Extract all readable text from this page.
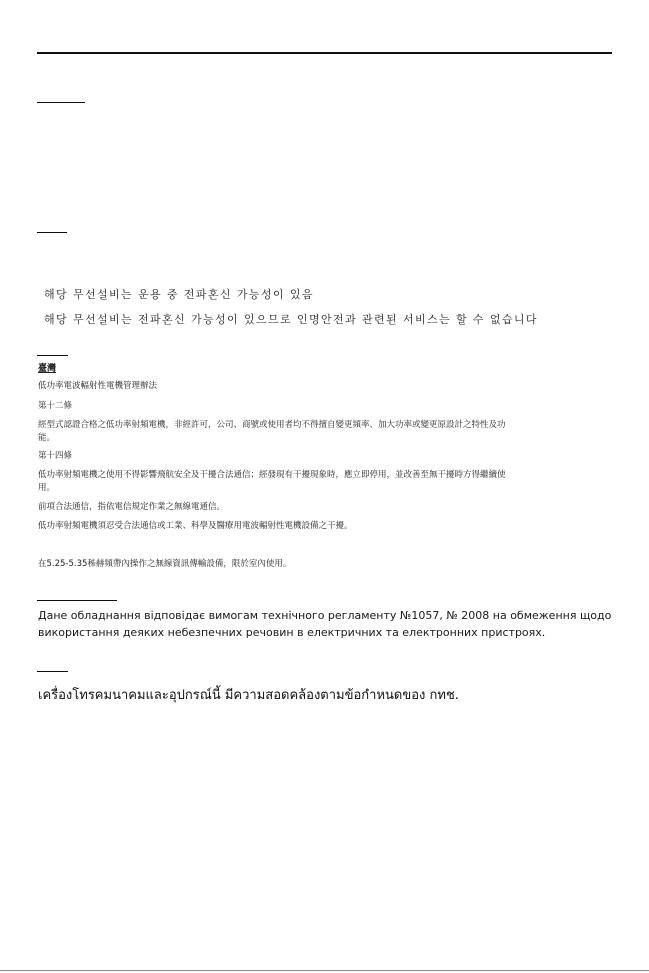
해당 무선설비는 운용 중 전파혼신 가능성이 있음
해당 무선설비는 전파혼신 가능성이 있으므로 인명안전과 관련된 서비스는 할 수 없습니다
臺灣
低功率電波輻射性電機管理辦法
第十二條
經型式認證合格之低功率射頻電機，非經許可，公司、商號或使用者均不得擅自變更頻率、加大功率或變更原設計之特性及功
能。
第十四條
低功率射頻電機之使用不得影響飛航安全及干擾合法通信；經發現有干擾現象時，應立即停用，並改善至無干擾時方得繼續使
用。
前項合法通信，指依電信規定作業之無線電通信。
低功率射頻電機須忍受合法通信或工業、科學及醫療用電波輻射性電機設備之干擾。
在5.25-5.35秭赫頻帶內操作之無線資訊傳輸設備，限於室內使用。
Дане обладнання відповідає вимогам технічного регламенту №1057, № 2008 на обмеження щодо
використання деяких небезпечних речовин в електричних та електронних пристроях.
เครื่องโทรคมนาคมและอุปกรณ์นี้ มีความสอดคล้องตามข้อกำหนดของ กทช.
